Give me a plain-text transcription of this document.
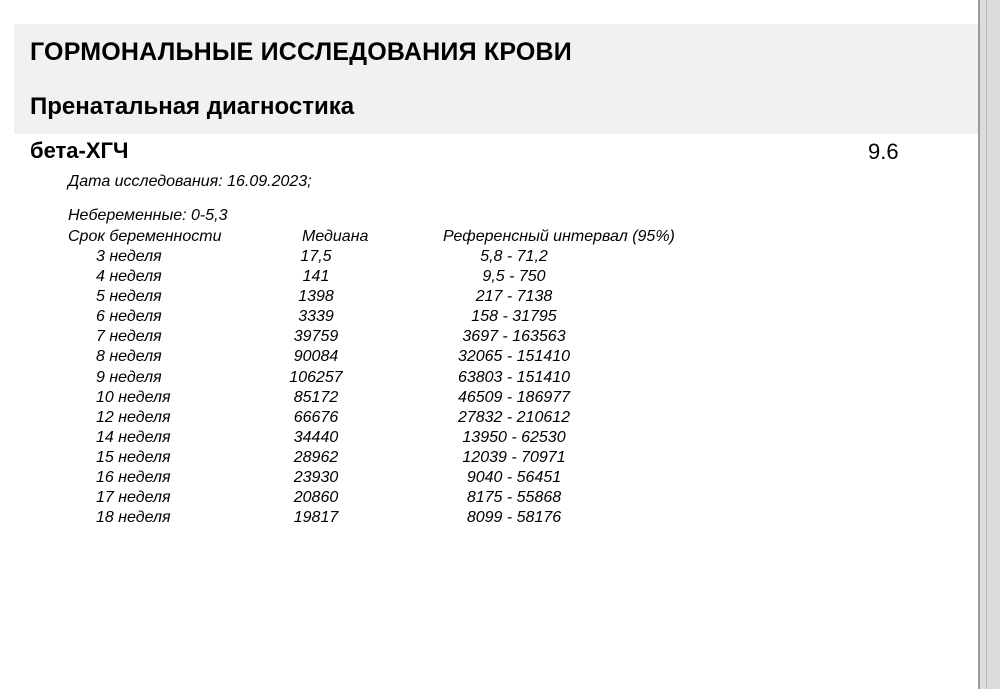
ГОРМОНАЛЬНЫЕ ИССЛЕДОВАНИЯ КРОВИ
Пренатальная диагностика
бета-ХГЧ	9.6
Дата исследования: 16.09.2023;
Небеременные: 0-5,3
Срок беременности	Медиана	Референсный интервал (95%)
3 неделя	17,5	5,8 - 71,2
4 неделя	141	9,5 - 750
5 неделя	1398	217 - 7138
6 неделя	3339	158 - 31795
7 неделя	39759	3697 - 163563
8 неделя	90084	32065 - 151410
9 неделя	106257	63803 - 151410
10 неделя	85172	46509 - 186977
12 неделя	66676	27832 - 210612
14 неделя	34440	13950 - 62530
15 неделя	28962	12039 - 70971
16 неделя	23930	9040 - 56451
17 неделя	20860	8175 - 55868
18 неделя	19817	8099 - 58176
